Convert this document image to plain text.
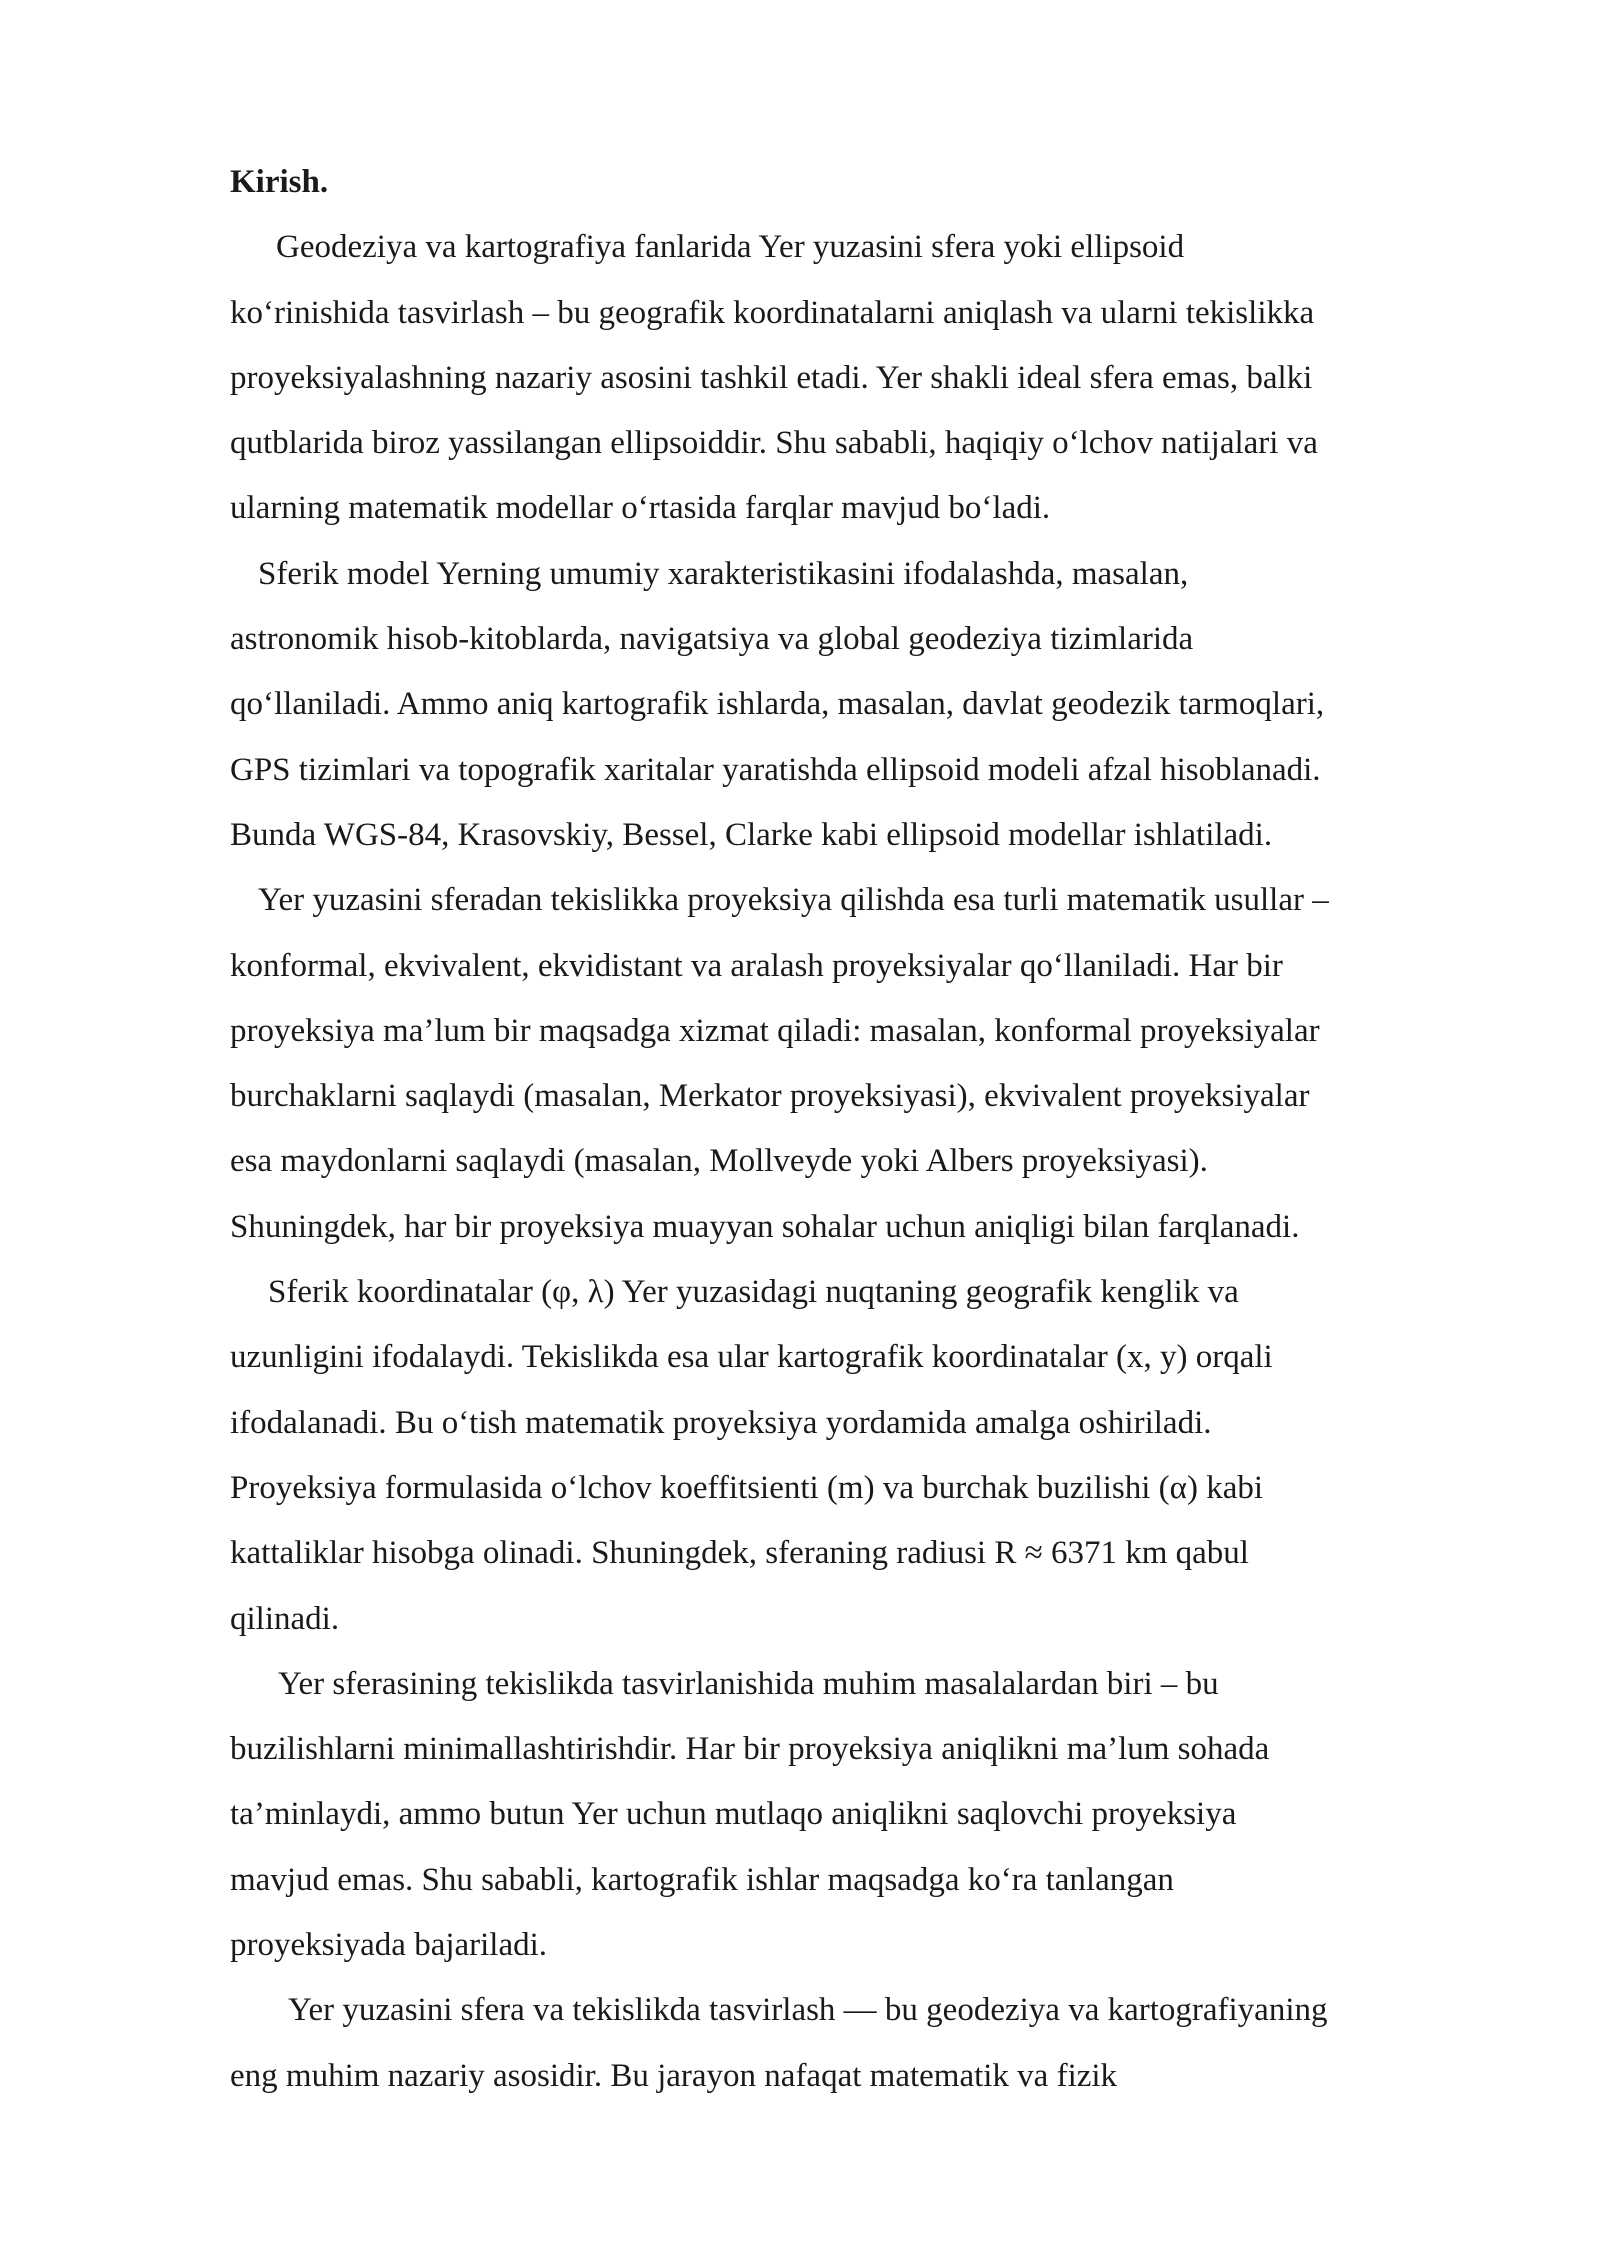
Kirish.
Geodeziya va kartografiya fanlarida Yer yuzasini sfera yoki ellipsoid
koʻrinishida tasvirlash – bu geografik koordinatalarni aniqlash va ularni tekislikka
proyeksiyalashning nazariy asosini tashkil etadi. Yer shakli ideal sfera emas, balki
qutblarida biroz yassilangan ellipsoiddir. Shu sababli, haqiqiy oʻlchov natijalari va
ularning matematik modellar oʻrtasida farqlar mavjud boʻladi.
Sferik model Yerning umumiy xarakteristikasini ifodalashda, masalan,
astronomik hisob-kitoblarda, navigatsiya va global geodeziya tizimlarida
qoʻllaniladi. Ammo aniq kartografik ishlarda, masalan, davlat geodezik tarmoqlari,
GPS tizimlari va topografik xaritalar yaratishda ellipsoid modeli afzal hisoblanadi.
Bunda WGS-84, Krasovskiy, Bessel, Clarke kabi ellipsoid modellar ishlatiladi.
Yer yuzasini sferadan tekislikka proyeksiya qilishda esa turli matematik usullar –
konformal, ekvivalent, ekvidistant va aralash proyeksiyalar qoʻllaniladi. Har bir
proyeksiya ma’lum bir maqsadga xizmat qiladi: masalan, konformal proyeksiyalar
burchaklarni saqlaydi (masalan, Merkator proyeksiyasi), ekvivalent proyeksiyalar
esa maydonlarni saqlaydi (masalan, Mollveyde yoki Albers proyeksiyasi).
Shuningdek, har bir proyeksiya muayyan sohalar uchun aniqligi bilan farqlanadi.
Sferik koordinatalar (φ, λ) Yer yuzasidagi nuqtaning geografik kenglik va
uzunligini ifodalaydi. Tekislikda esa ular kartografik koordinatalar (x, y) orqali
ifodalanadi. Bu oʻtish matematik proyeksiya yordamida amalga oshiriladi.
Proyeksiya formulasida oʻlchov koeffitsienti (m) va burchak buzilishi (α) kabi
kattaliklar hisobga olinadi. Shuningdek, sferaning radiusi R ≈ 6371 km qabul
qilinadi.
Yer sferasining tekislikda tasvirlanishida muhim masalalardan biri – bu
buzilishlarni minimallashtirishdir. Har bir proyeksiya aniqlikni ma’lum sohada
ta’minlaydi, ammo butun Yer uchun mutlaqo aniqlikni saqlovchi proyeksiya
mavjud emas. Shu sababli, kartografik ishlar maqsadga koʻra tanlangan
proyeksiyada bajariladi.
Yer yuzasini sfera va tekislikda tasvirlash — bu geodeziya va kartografiyaning
eng muhim nazariy asosidir. Bu jarayon nafaqat matematik va fizik
